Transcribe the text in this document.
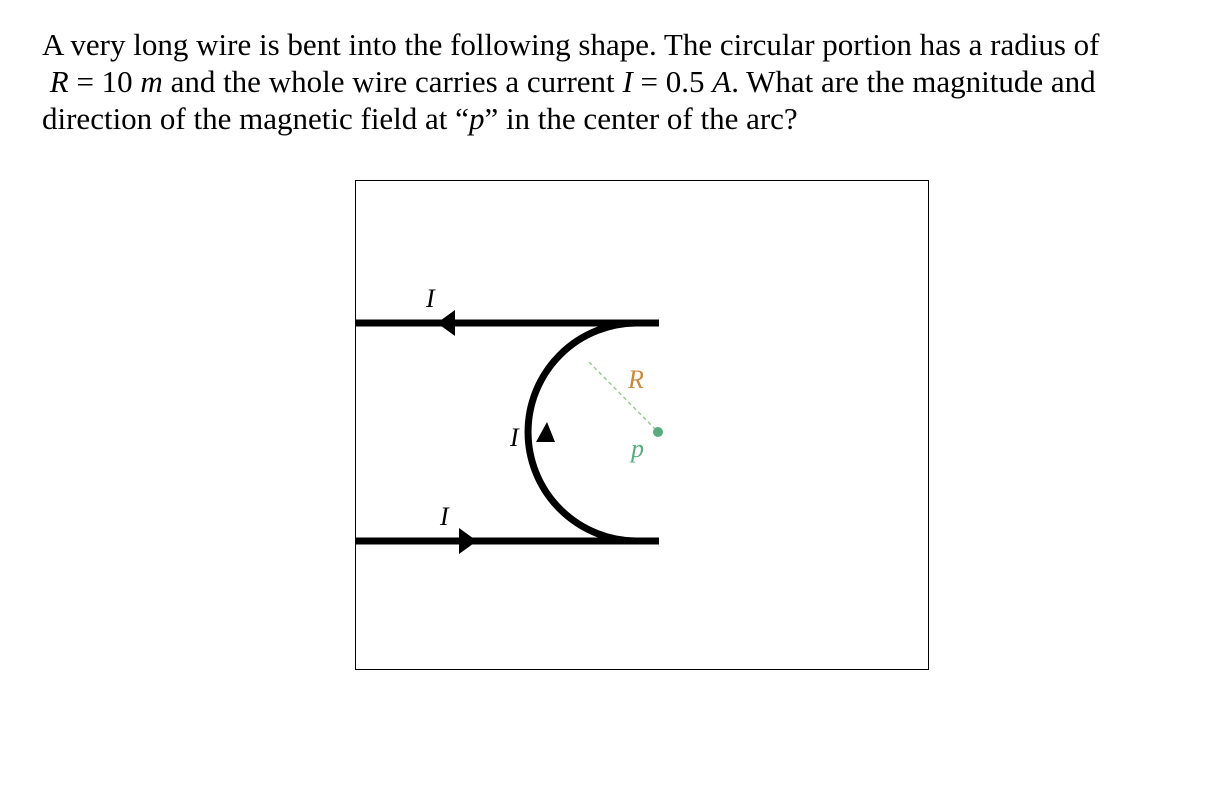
A very long wire is bent into the following shape. The circular portion has a radius of

R = 10 m and the whole wire carries a current I = 0.5 A. What are the magnitude and

direction of the magnetic field at “p” in the center of the arc?

I
I
I
R
p
